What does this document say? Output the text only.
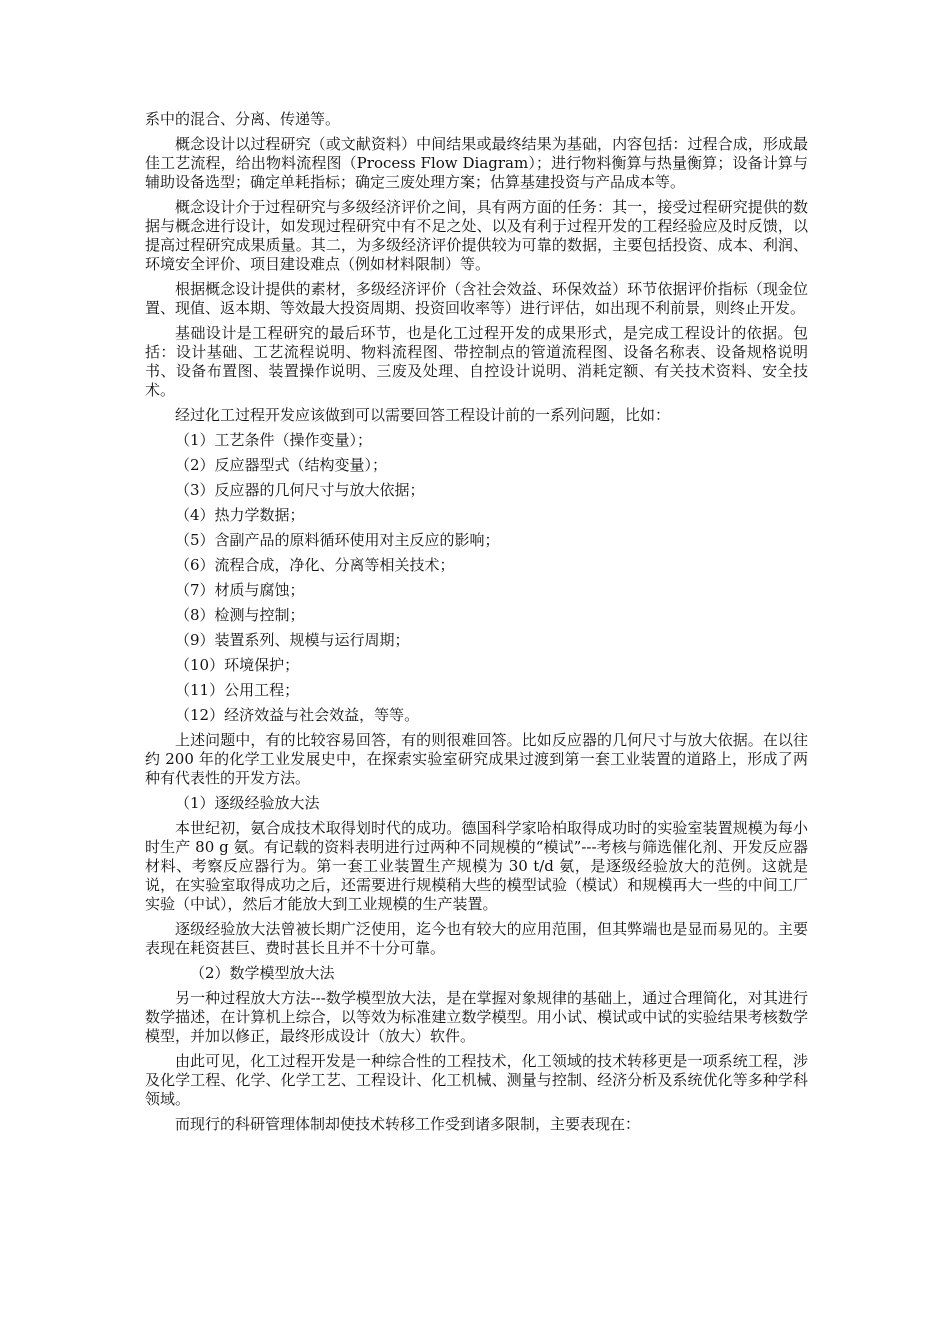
系中的混合、分离、传递等。

概念设计以过程研究（或文献资料）中间结果或最终结果为基础，内容包括：过程合成，形成最佳工艺流程，给出物料流程图（Process Flow Diagram）；进行物料衡算与热量衡算；设备计算与辅助设备选型；确定单耗指标；确定三废处理方案；估算基建投资与产品成本等。

概念设计介于过程研究与多级经济评价之间，具有两方面的任务：其一，接受过程研究提供的数据与概念进行设计，如发现过程研究中有不足之处、以及有利于过程开发的工程经验应及时反馈，以提高过程研究成果质量。其二，为多级经济评价提供较为可靠的数据，主要包括投资、成本、利润、环境安全评价、项目建设难点（例如材料限制）等。

根据概念设计提供的素材，多级经济评价（含社会效益、环保效益）环节依据评价指标（现金位置、现值、返本期、等效最大投资周期、投资回收率等）进行评估，如出现不利前景，则终止开发。

基础设计是工程研究的最后环节，也是化工过程开发的成果形式，是完成工程设计的依据。包括：设计基础、工艺流程说明、物料流程图、带控制点的管道流程图、设备名称表、设备规格说明书、设备布置图、装置操作说明、三废及处理、自控设计说明、消耗定额、有关技术资料、安全技术。

经过化工过程开发应该做到可以需要回答工程设计前的一系列问题，比如：

（1）工艺条件（操作变量）；

（2）反应器型式（结构变量）；

（3）反应器的几何尺寸与放大依据；

（4）热力学数据；

（5）含副产品的原料循环使用对主反应的影响；

（6）流程合成，净化、分离等相关技术；

（7）材质与腐蚀；

（8）检测与控制；

（9）装置系列、规模与运行周期；

（10）环境保护；

（11）公用工程；

（12）经济效益与社会效益，等等。

上述问题中，有的比较容易回答，有的则很难回答。比如反应器的几何尺寸与放大依据。在以往约 200 年的化学工业发展史中，在探索实验室研究成果过渡到第一套工业装置的道路上，形成了两种有代表性的开发方法。

（1）逐级经验放大法

本世纪初，氨合成技术取得划时代的成功。德国科学家哈柏取得成功时的实验室装置规模为每小时生产 80 g 氨。有记载的资料表明进行过两种不同规模的“模试”---考核与筛选催化剂、开发反应器材料、考察反应器行为。第一套工业装置生产规模为 30 t/d 氨，是逐级经验放大的范例。这就是说，在实验室取得成功之后，还需要进行规模稍大些的模型试验（模试）和规模再大一些的中间工厂实验（中试），然后才能放大到工业规模的生产装置。

逐级经验放大法曾被长期广泛使用，迄今也有较大的应用范围，但其弊端也是显而易见的。主要表现在耗资甚巨、费时甚长且并不十分可靠。

（2）数学模型放大法

另一种过程放大方法---数学模型放大法，是在掌握对象规律的基础上，通过合理简化，对其进行数学描述，在计算机上综合，以等效为标准建立数学模型。用小试、模试或中试的实验结果考核数学模型，并加以修正，最终形成设计（放大）软件。

由此可见，化工过程开发是一种综合性的工程技术，化工领域的技术转移更是一项系统工程，涉及化学工程、化学、化学工艺、工程设计、化工机械、测量与控制、经济分析及系统优化等多种学科领域。

而现行的科研管理体制却使技术转移工作受到诸多限制，主要表现在：
